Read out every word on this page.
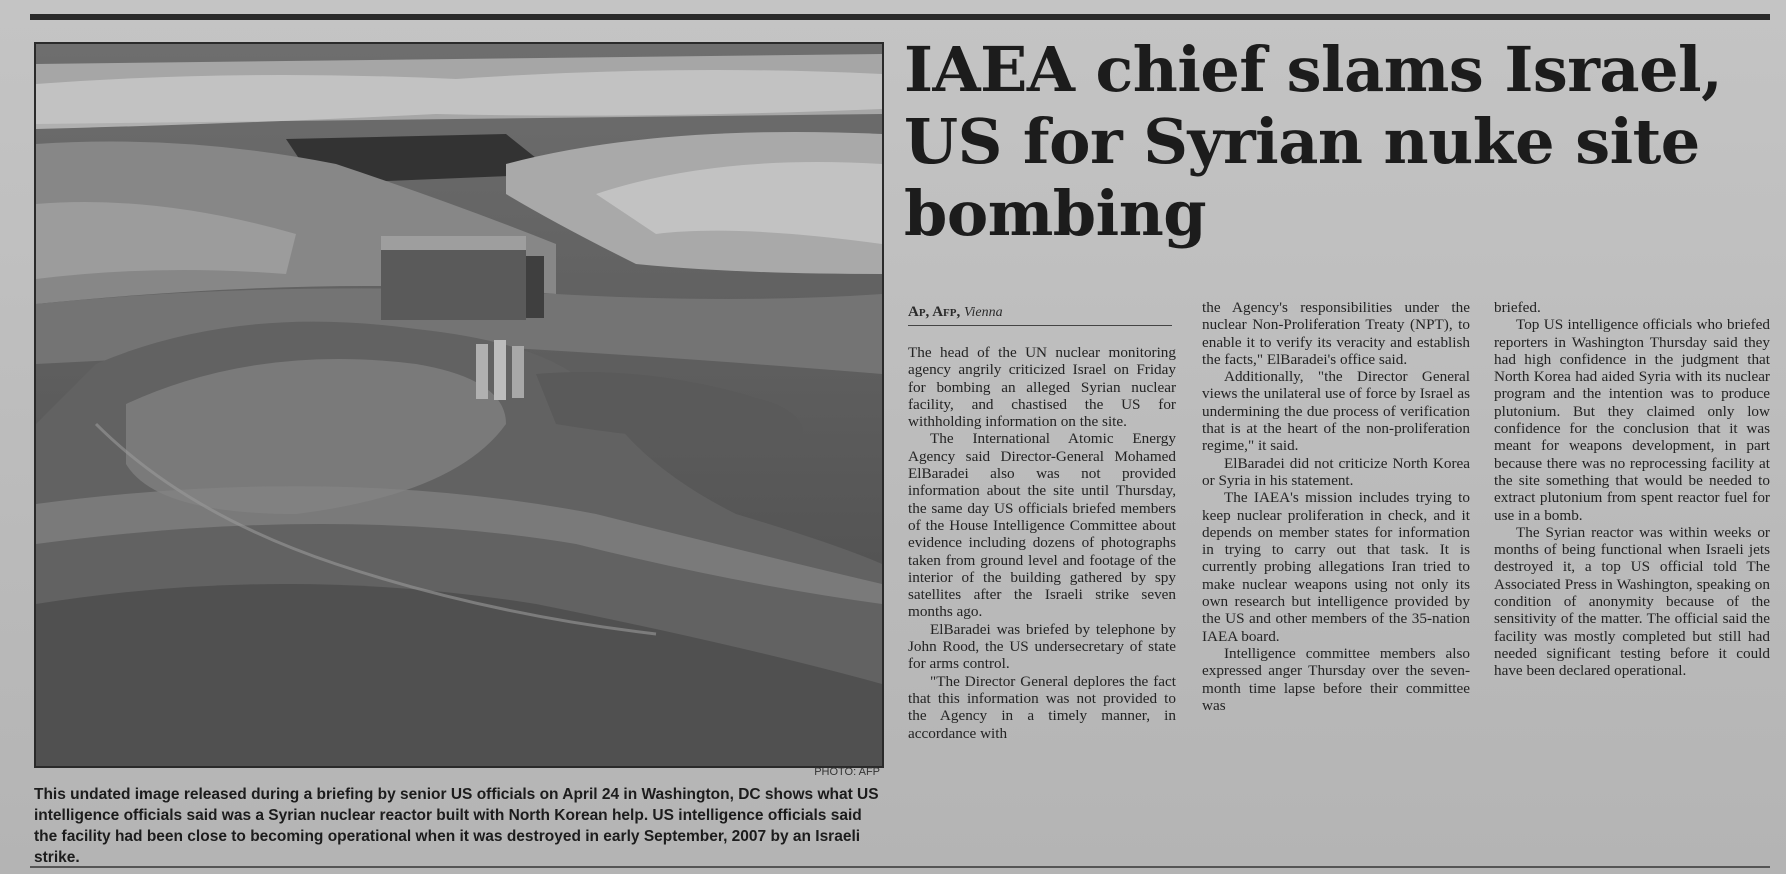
PHOTO: AFP
This undated image released during a briefing by senior US officials on April 24 in Washington, DC shows what US intelligence officials said was a Syrian nuclear reactor built with North Korean help. US intelligence officials said the facility had been close to becoming operational when it was destroyed in early September, 2007 by an Israeli strike.
IAEA chief slams Israel, US for Syrian nuke site bombing
Ap, Afp, Vienna

The head of the UN nuclear monitoring agency angrily criticized Israel on Friday for bombing an alleged Syrian nuclear facility, and chastised the US for withholding information on the site.

The International Atomic Energy Agency said Director-General Mohamed ElBaradei also was not provided information about the site until Thursday, the same day US officials briefed members of the House Intelligence Committee about evidence including dozens of photographs taken from ground level and footage of the interior of the building gathered by spy satellites after the Israeli strike seven months ago.

ElBaradei was briefed by telephone by John Rood, the US undersecretary of state for arms control.

"The Director General deplores the fact that this information was not provided to the Agency in a timely manner, in accordance with

the Agency's responsibilities under the nuclear Non-Proliferation Treaty (NPT), to enable it to verify its veracity and establish the facts," ElBaradei's office said.

Additionally, "the Director General views the unilateral use of force by Israel as undermining the due process of verification that is at the heart of the non-proliferation regime," it said.

ElBaradei did not criticize North Korea or Syria in his statement.

The IAEA's mission includes trying to keep nuclear proliferation in check, and it depends on member states for information in trying to carry out that task. It is currently probing allegations Iran tried to make nuclear weapons using not only its own research but intelligence provided by the US and other members of the 35-nation IAEA board.

Intelligence committee members also expressed anger Thursday over the seven-month time lapse before their committee was

briefed.

Top US intelligence officials who briefed reporters in Washington Thursday said they had high confidence in the judgment that North Korea had aided Syria with its nuclear program and the intention was to produce plutonium. But they claimed only low confidence for the conclusion that it was meant for weapons development, in part because there was no reprocessing facility at the site something that would be needed to extract plutonium from spent reactor fuel for use in a bomb.

The Syrian reactor was within weeks or months of being functional when Israeli jets destroyed it, a top US official told The Associated Press in Washington, speaking on condition of anonymity because of the sensitivity of the matter. The official said the facility was mostly completed but still had needed significant testing before it could have been declared operational.
